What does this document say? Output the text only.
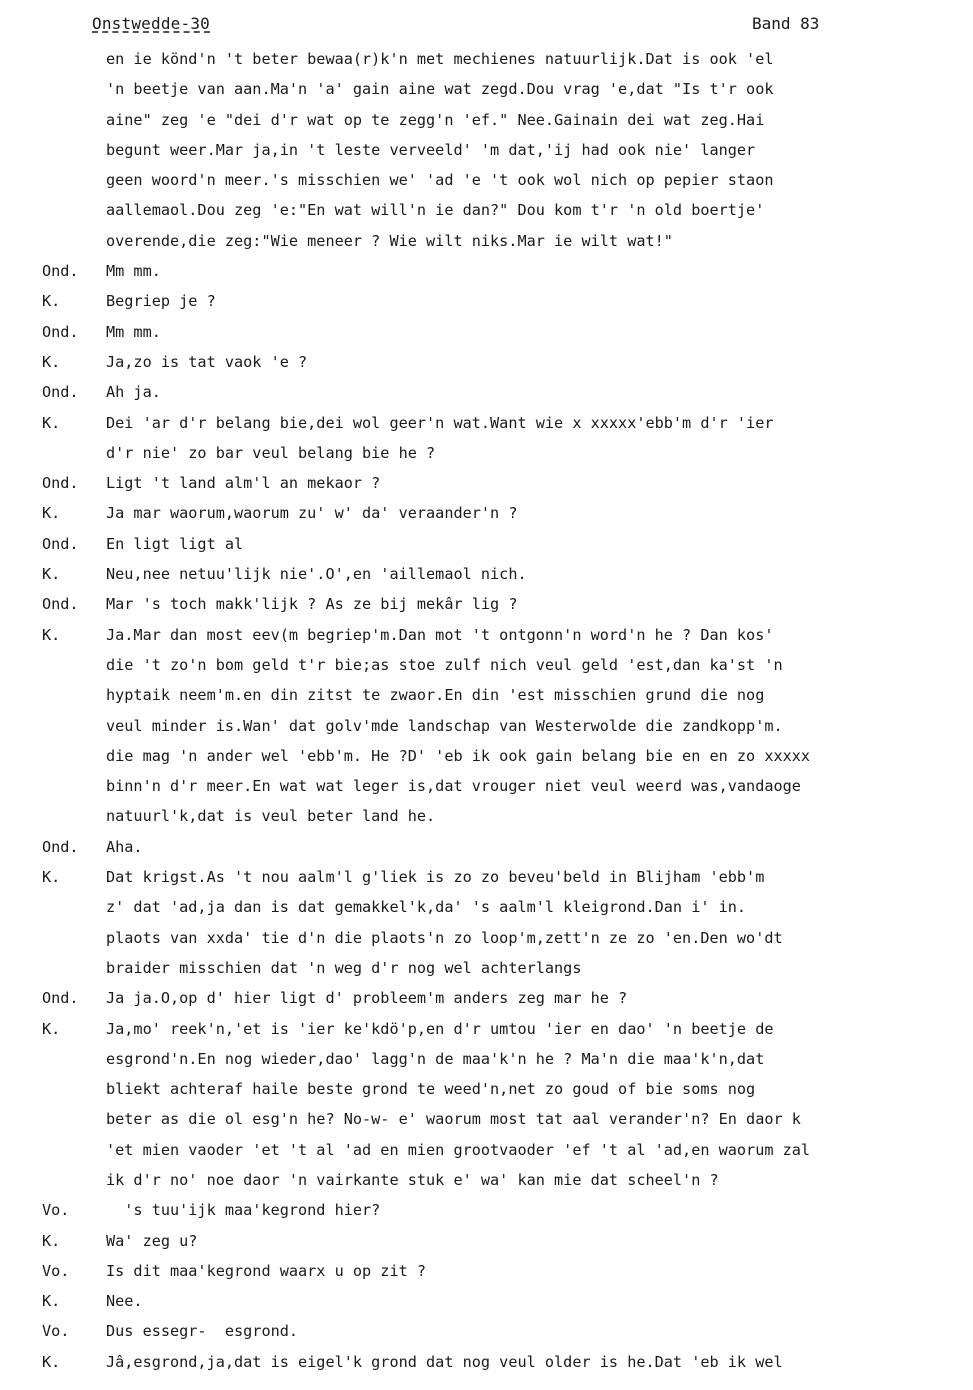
Onstwedde-30	Band 83
en ie könd'n 't beter bewaa(r)k'n met mechienes natuurlijk.Dat is ook 'el
'n beetje van aan.Ma'n 'a' gain aine wat zegd.Dou vrag 'e,dat "Is t'r ook
aine" zeg 'e "dei d'r wat op te zegg'n 'ef." Nee.Gainain dei wat zeg.Hai
begunt weer.Mar ja,in 't leste verveeld' 'm dat,'ij had ook nie' langer
geen woord'n meer.'s misschien we' 'ad 'e 't ook wol nich op pepier staon
aallemaol.Dou zeg 'e:"En wat will'n ie dan?" Dou kom t'r 'n old boertje'
overende,die zeg:"Wie meneer ? Wie wilt niks.Mar ie wilt wat!"
Ond. Mm mm.
K.	Begriep je ?
Ond. Mm mm.
K.	Ja,zo is tat vaok 'e ?
Ond. Ah ja.
K.	Dei 'ar d'r belang bie,dei wol geer'n wat.Want wie x xxxxx'ebb'm d'r 'ier
d'r nie' zo bar veul belang bie he ?
Ond. Ligt 't land alm'l an mekaor ?
K.	Ja mar waorum,waorum zu' w' da' veraander'n ?
Ond. En ligt ligt al
K.	Neu,nee netuu'lijk nie'.O',en 'aillemaol nich.
Ond. Mar 's toch makk'lijk ? As ze bij mekâr lig ?
K.	Ja.Mar dan most eev(m begriep'm.Dan mot 't ontgonn'n word'n he ? Dan kos'
die 't zo'n bom geld t'r bie;as stoe zulf nich veul geld 'est,dan ka'st 'n
hyptaik neem'm.en din zitst te zwaor.En din 'est misschien grund die nog
veul minder is.Wan' dat golv'mde landschap van Westerwolde die zandkopp'm.
die mag 'n ander wel 'ebb'm. He ?D' 'eb ik ook gain belang bie en en zo xxxxx
binn'n d'r meer.En wat wat leger is,dat vrouger niet veul weerd was,vandaoge
natuurl'k,dat is veul beter land he.
Ond. Aha.
K.	Dat krigst.As 't nou aalm'l g'liek is zo zo beveu'beld in Blijham 'ebb'm
z' dat 'ad,ja dan is dat gemakkel'k,da' 's aalm'l kleigrond.Dan i' in.
plaots van xxda' tie d'n die plaots'n zo loop'm,zett'n ze zo 'en.Den wo'dt
braider misschien dat 'n weg d'r nog wel achterlangs
Ond. Ja ja.O,op d' hier ligt d' probleem'm anders zeg mar he ?
K.	Ja,mo' reek'n,'et is 'ier ke'kdö'p,en d'r umtou 'ier en dao' 'n beetje de
esgrond'n.En nog wieder,dao' lagg'n de maa'k'n he ? Ma'n die maa'k'n,dat
bliekt achteraf haile beste grond te weed'n,net zo goud of bie soms nog
beter as die ol esg'n he? No-w- e' waorum most tat aal verander'n? En daor k
'et mien vaoder 'et 't al 'ad en mien grootvaoder 'ef 't al 'ad,en waorum zal
ik d'r no' noe daor 'n vairkante stuk e' wa' kan mie dat scheel'n ?
Vo. 's tuu'ijk maa'kegrond hier?
K.	Wa' zeg u?
Vo. Is dit maa'kegrond waarx u op zit ?
K.	Nee.
Vo. Dus essegr-  esgrond.
K.	Jâ,esgrond,ja,dat is eigel'k grond dat nog veul older is he.Dat 'eb ik wel
